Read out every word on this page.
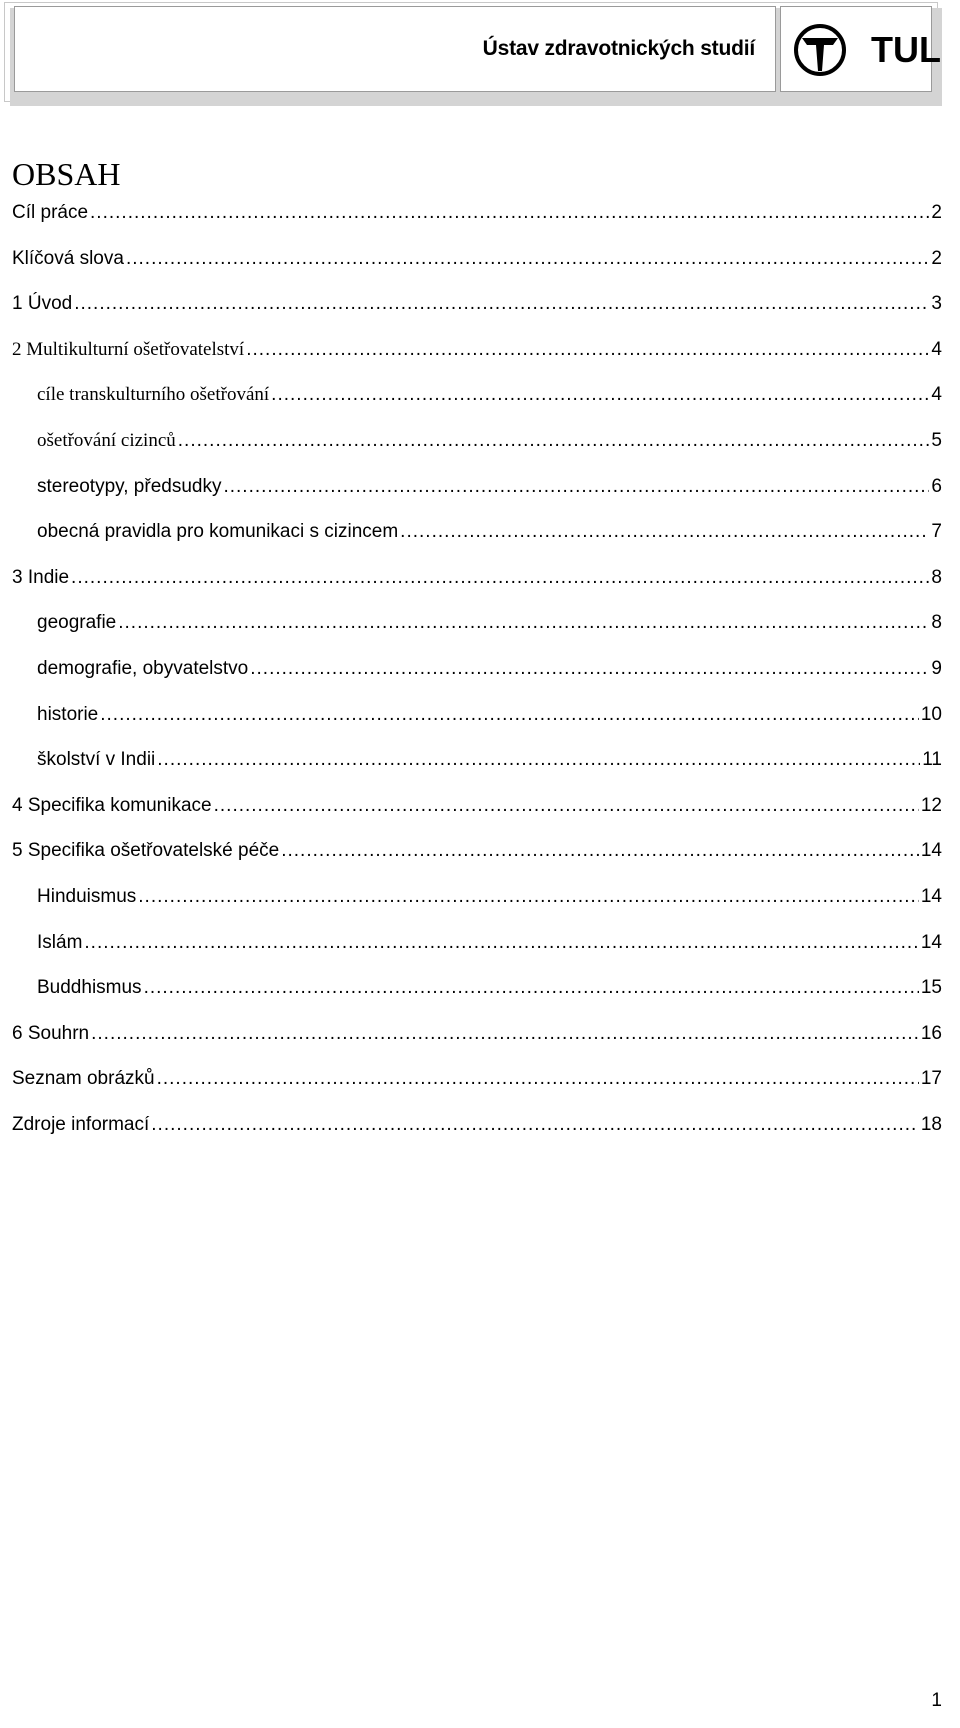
Ústav zdravotnických studií	TUL
OBSAH
Cíl práce .....	2
Klíčová slova .....	2
1 Úvod .....	3
2 Multikulturní ošetřovatelství .....	4
cíle transkulturního ošetřování .....	4
ošetřování cizinců .....	5
stereotypy, předsudky .....	6
obecná pravidla pro komunikaci s cizincem .....	7
3 Indie .....	8
geografie .....	8
demografie, obyvatelstvo .....	9
historie .....	10
školství v Indii .....	11
4 Specifika komunikace .....	12
5 Specifika ošetřovatelské péče .....	14
Hinduismus .....	14
Islám .....	14
Buddhismus .....	15
6 Souhrn .....	16
Seznam obrázků .....	17
Zdroje informací .....	18
1
